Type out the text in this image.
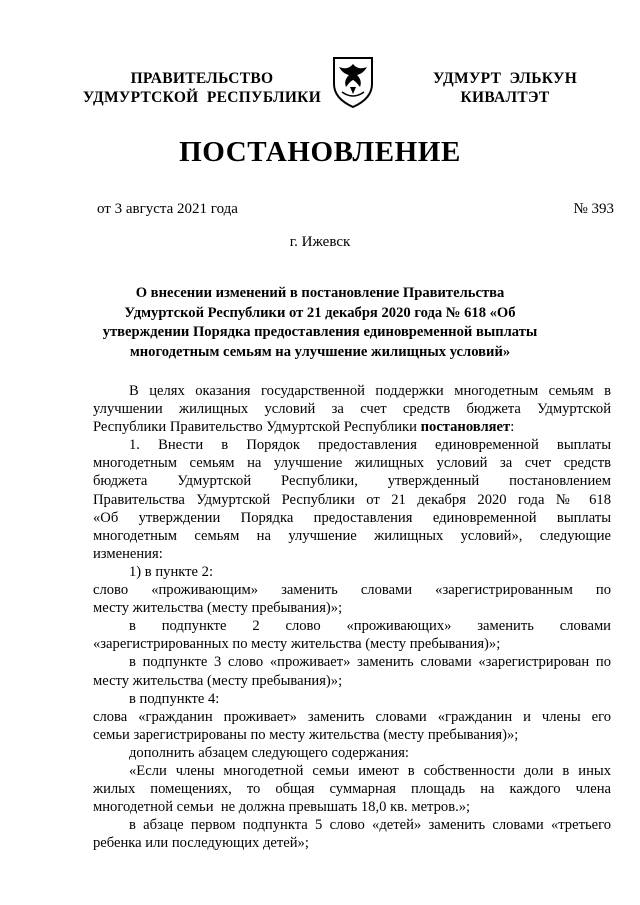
ПРАВИТЕЛЬСТВО
УДМУРТСКОЙ  РЕСПУБЛИКИ
УДМУРТ  ЭЛЬКУН
КИВАЛТЭТ
ПОСТАНОВЛЕНИЕ
от 3 августа 2021 года	№ 393
г. Ижевск
О внесении изменений в постановление Правительства
Удмуртской Республики от 21 декабря 2020 года № 618 «Об
утверждении Порядка предоставления единовременной выплаты
многодетным семьям на улучшение жилищных условий»
В целях оказания государственной поддержки многодетным семьям в
улучшении жилищных условий за счет средств бюджета Удмуртской
Республики Правительство Удмуртской Республики постановляет:
1. Внести в Порядок предоставления единовременной выплаты
многодетным семьям на улучшение жилищных условий за счет средств
бюджета Удмуртской Республики, утвержденный постановлением
Правительства Удмуртской Республики от 21 декабря 2020 года № 618
«Об утверждении Порядка предоставления единовременной выплаты
многодетным семьям на улучшение жилищных условий», следующие
изменения:
1) в пункте 2:
слово «проживающим» заменить словами «зарегистрированным по
месту жительства (месту пребывания)»;
в подпункте 2 слово «проживающих» заменить словами
«зарегистрированных по месту жительства (месту пребывания)»;
в подпункте 3 слово «проживает» заменить словами «зарегистрирован по
месту жительства (месту пребывания)»;
в подпункте 4:
слова «гражданин проживает» заменить словами «гражданин и члены его
семьи зарегистрированы по месту жительства (месту пребывания)»;
дополнить абзацем следующего содержания:
«Если члены многодетной семьи имеют в собственности доли в иных
жилых помещениях, то общая суммарная площадь на каждого члена
многодетной семьи  не должна превышать 18,0 кв. метров.»;
в абзаце первом подпункта 5 слово «детей» заменить словами «третьего
ребенка или последующих детей»;
